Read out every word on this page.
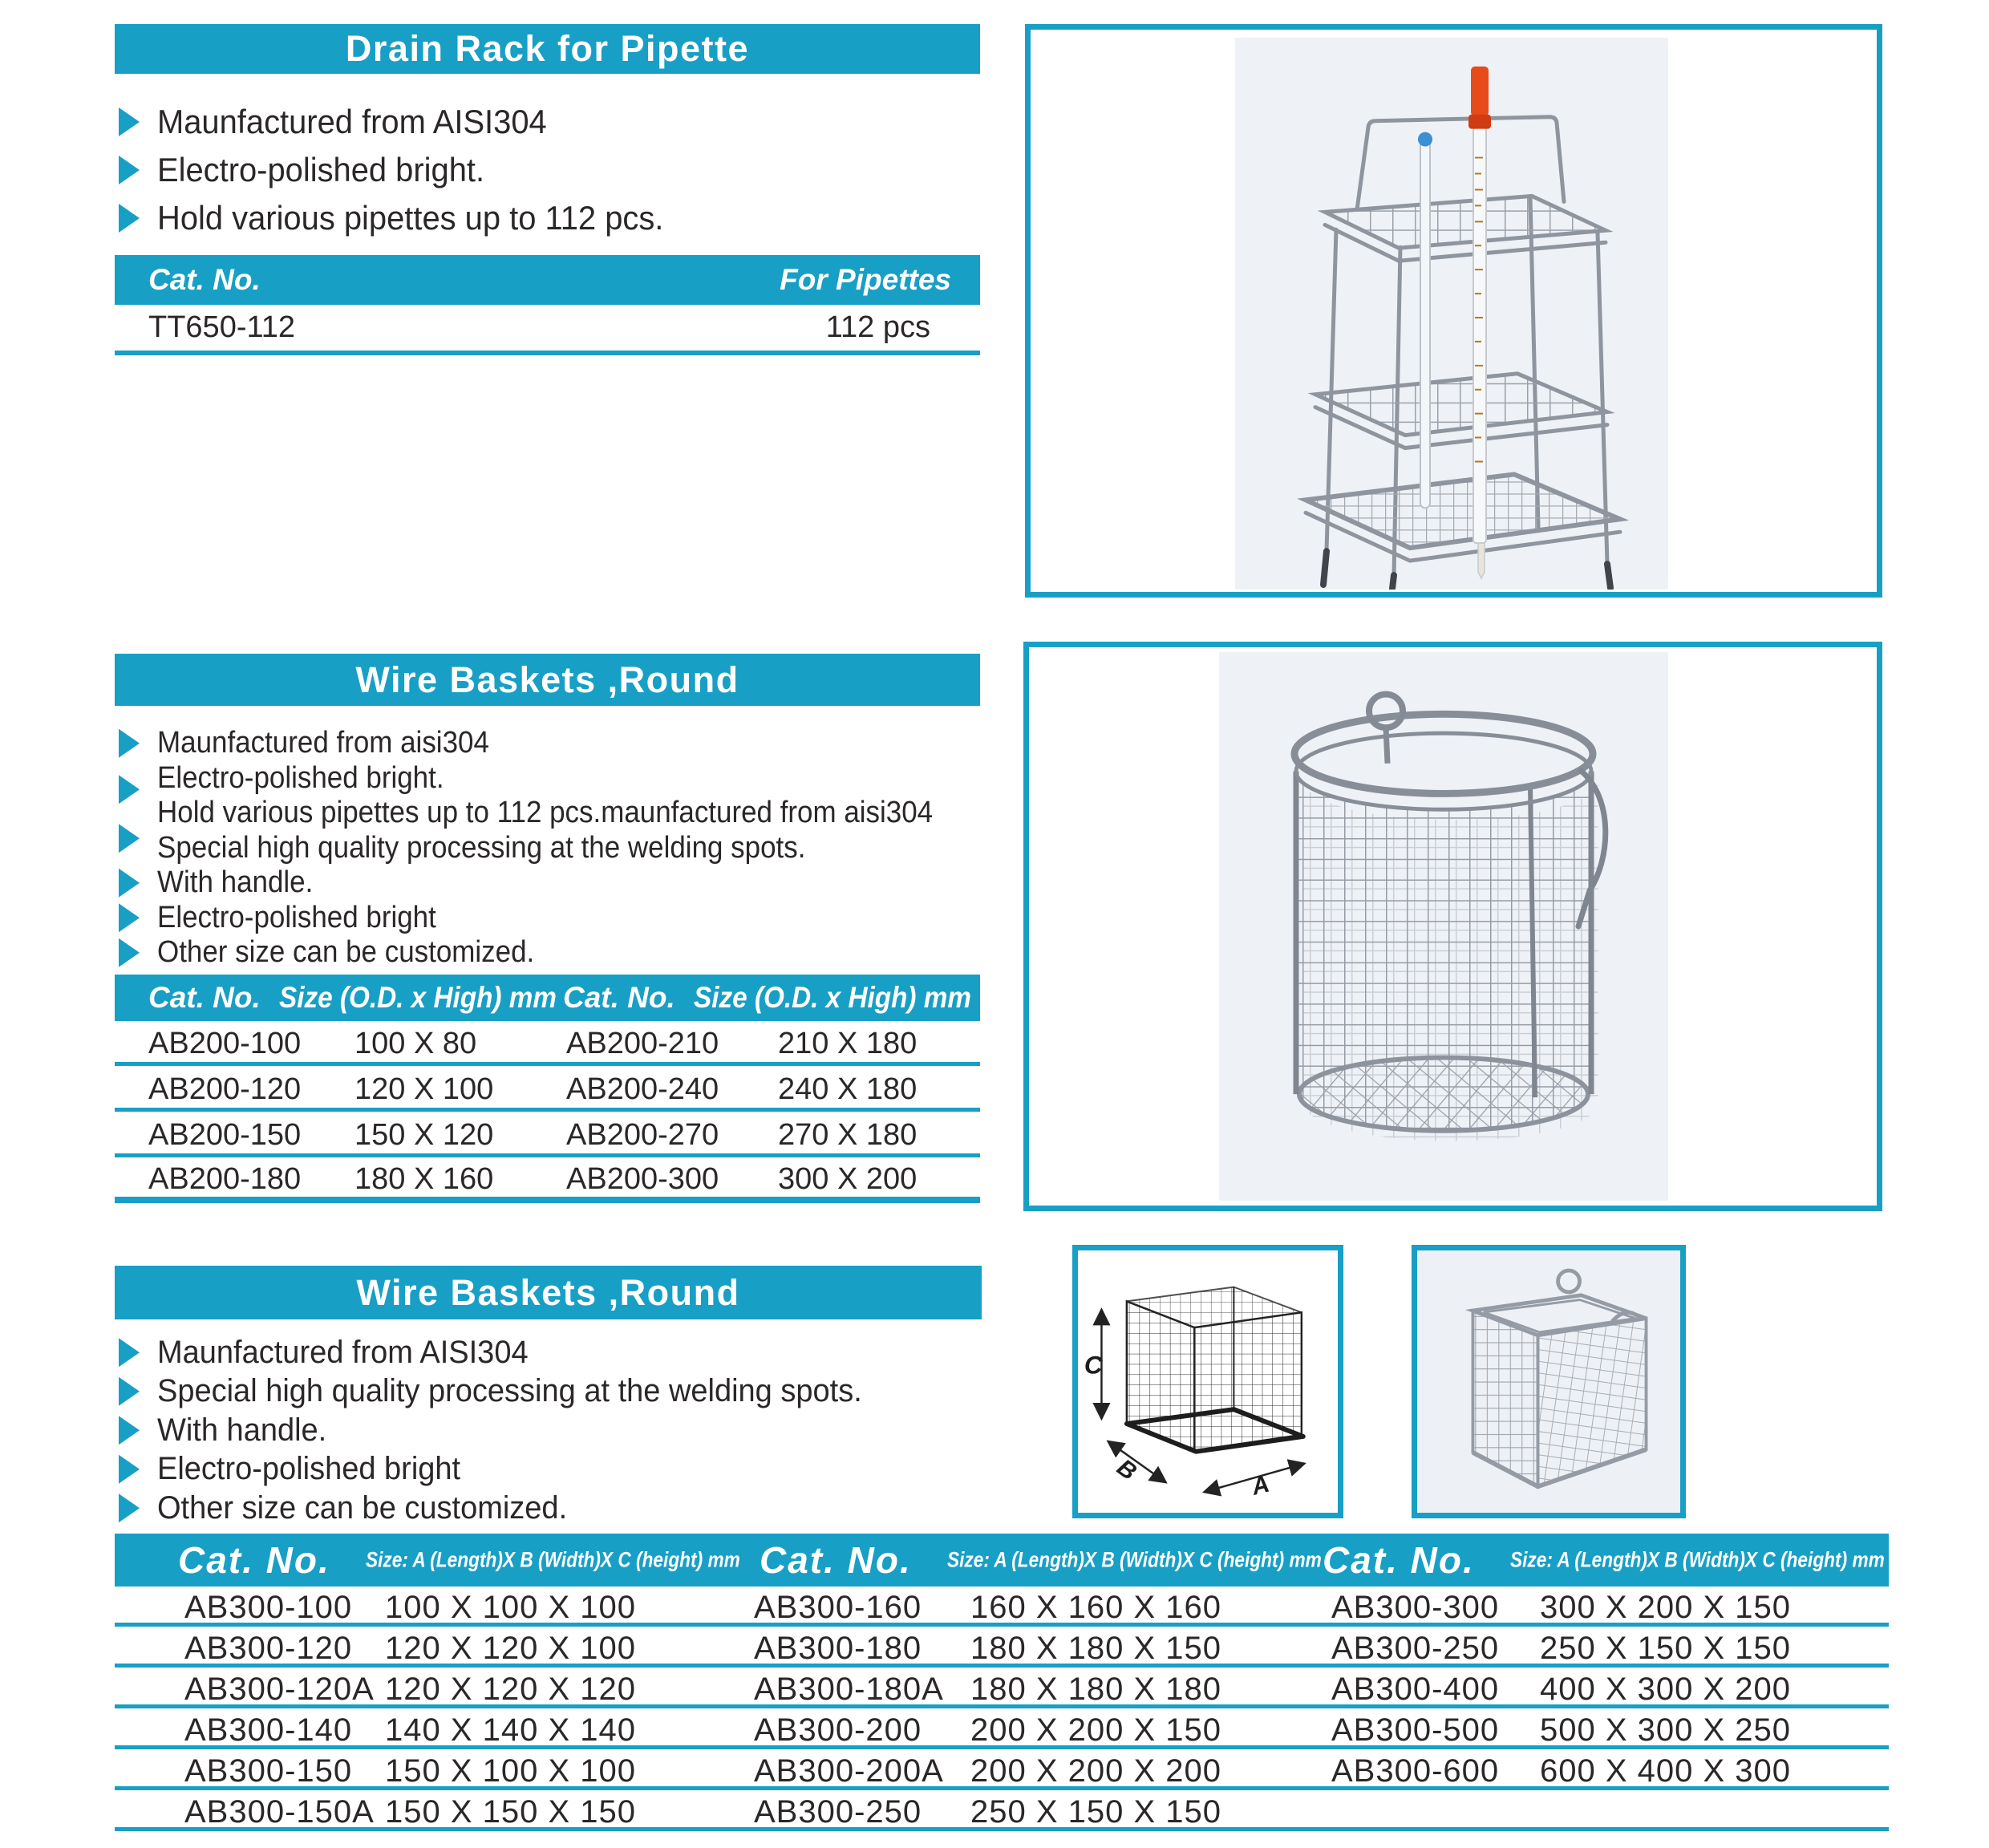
Drain Rack for Pipette
Maunfactured from AISI304
Electro-polished bright.
Hold various pipettes up to 112 pcs.
Cat. No.	For Pipettes
TT650-112	112 pcs
Wire Baskets ,Round
Maunfactured from aisi304
Electro-polished bright.
Hold various pipettes up to 112 pcs.maunfactured from aisi304
Special high quality processing at the welding spots.
With handle.
Electro-polished bright
Other size can be customized.
Cat. No. Size (O.D. x High) mm Cat. No. Size (O.D. x High) mm
AB200-100	100 X 80	AB200-210	210 X 180
AB200-120	120 X 100	AB200-240	240 X 180
AB200-150	150 X 120	AB200-270	270 X 180
AB200-180	180 X 160	AB200-300	300 X 200
Wire Baskets ,Round
Maunfactured from AISI304
Special high quality processing at the welding spots.
With handle.
Electro-polished bright
Other size can be customized.
C
B	A
Cat. No. Size: A (Length)X B (Width)X C (height) mm Cat. No. Size: A (Length)X B (Width)X C (height) mm Cat. No. Size: A (Length)X B (Width)X C (height) mm
AB300-100	100 X 100 X 100	AB300-160	160 X 160 X 160	AB300-300	300 X 200 X 150
AB300-120	120 X 120 X 100	AB300-180	180 X 180 X 150	AB300-250	250 X 150 X 150
AB300-120A 120 X 120 X 120	AB300-180A 180 X 180 X 180	AB300-400	400 X 300 X 200
AB300-140	140 X 140 X 140	AB300-200	200 X 200 X 150	AB300-500	500 X 300 X 250
AB300-150	150 X 100 X 100	AB300-200A 200 X 200 X 200	AB300-600	600 X 400 X 300
AB300-150A 150 X 150 X 150	AB300-250	250 X 150 X 150
